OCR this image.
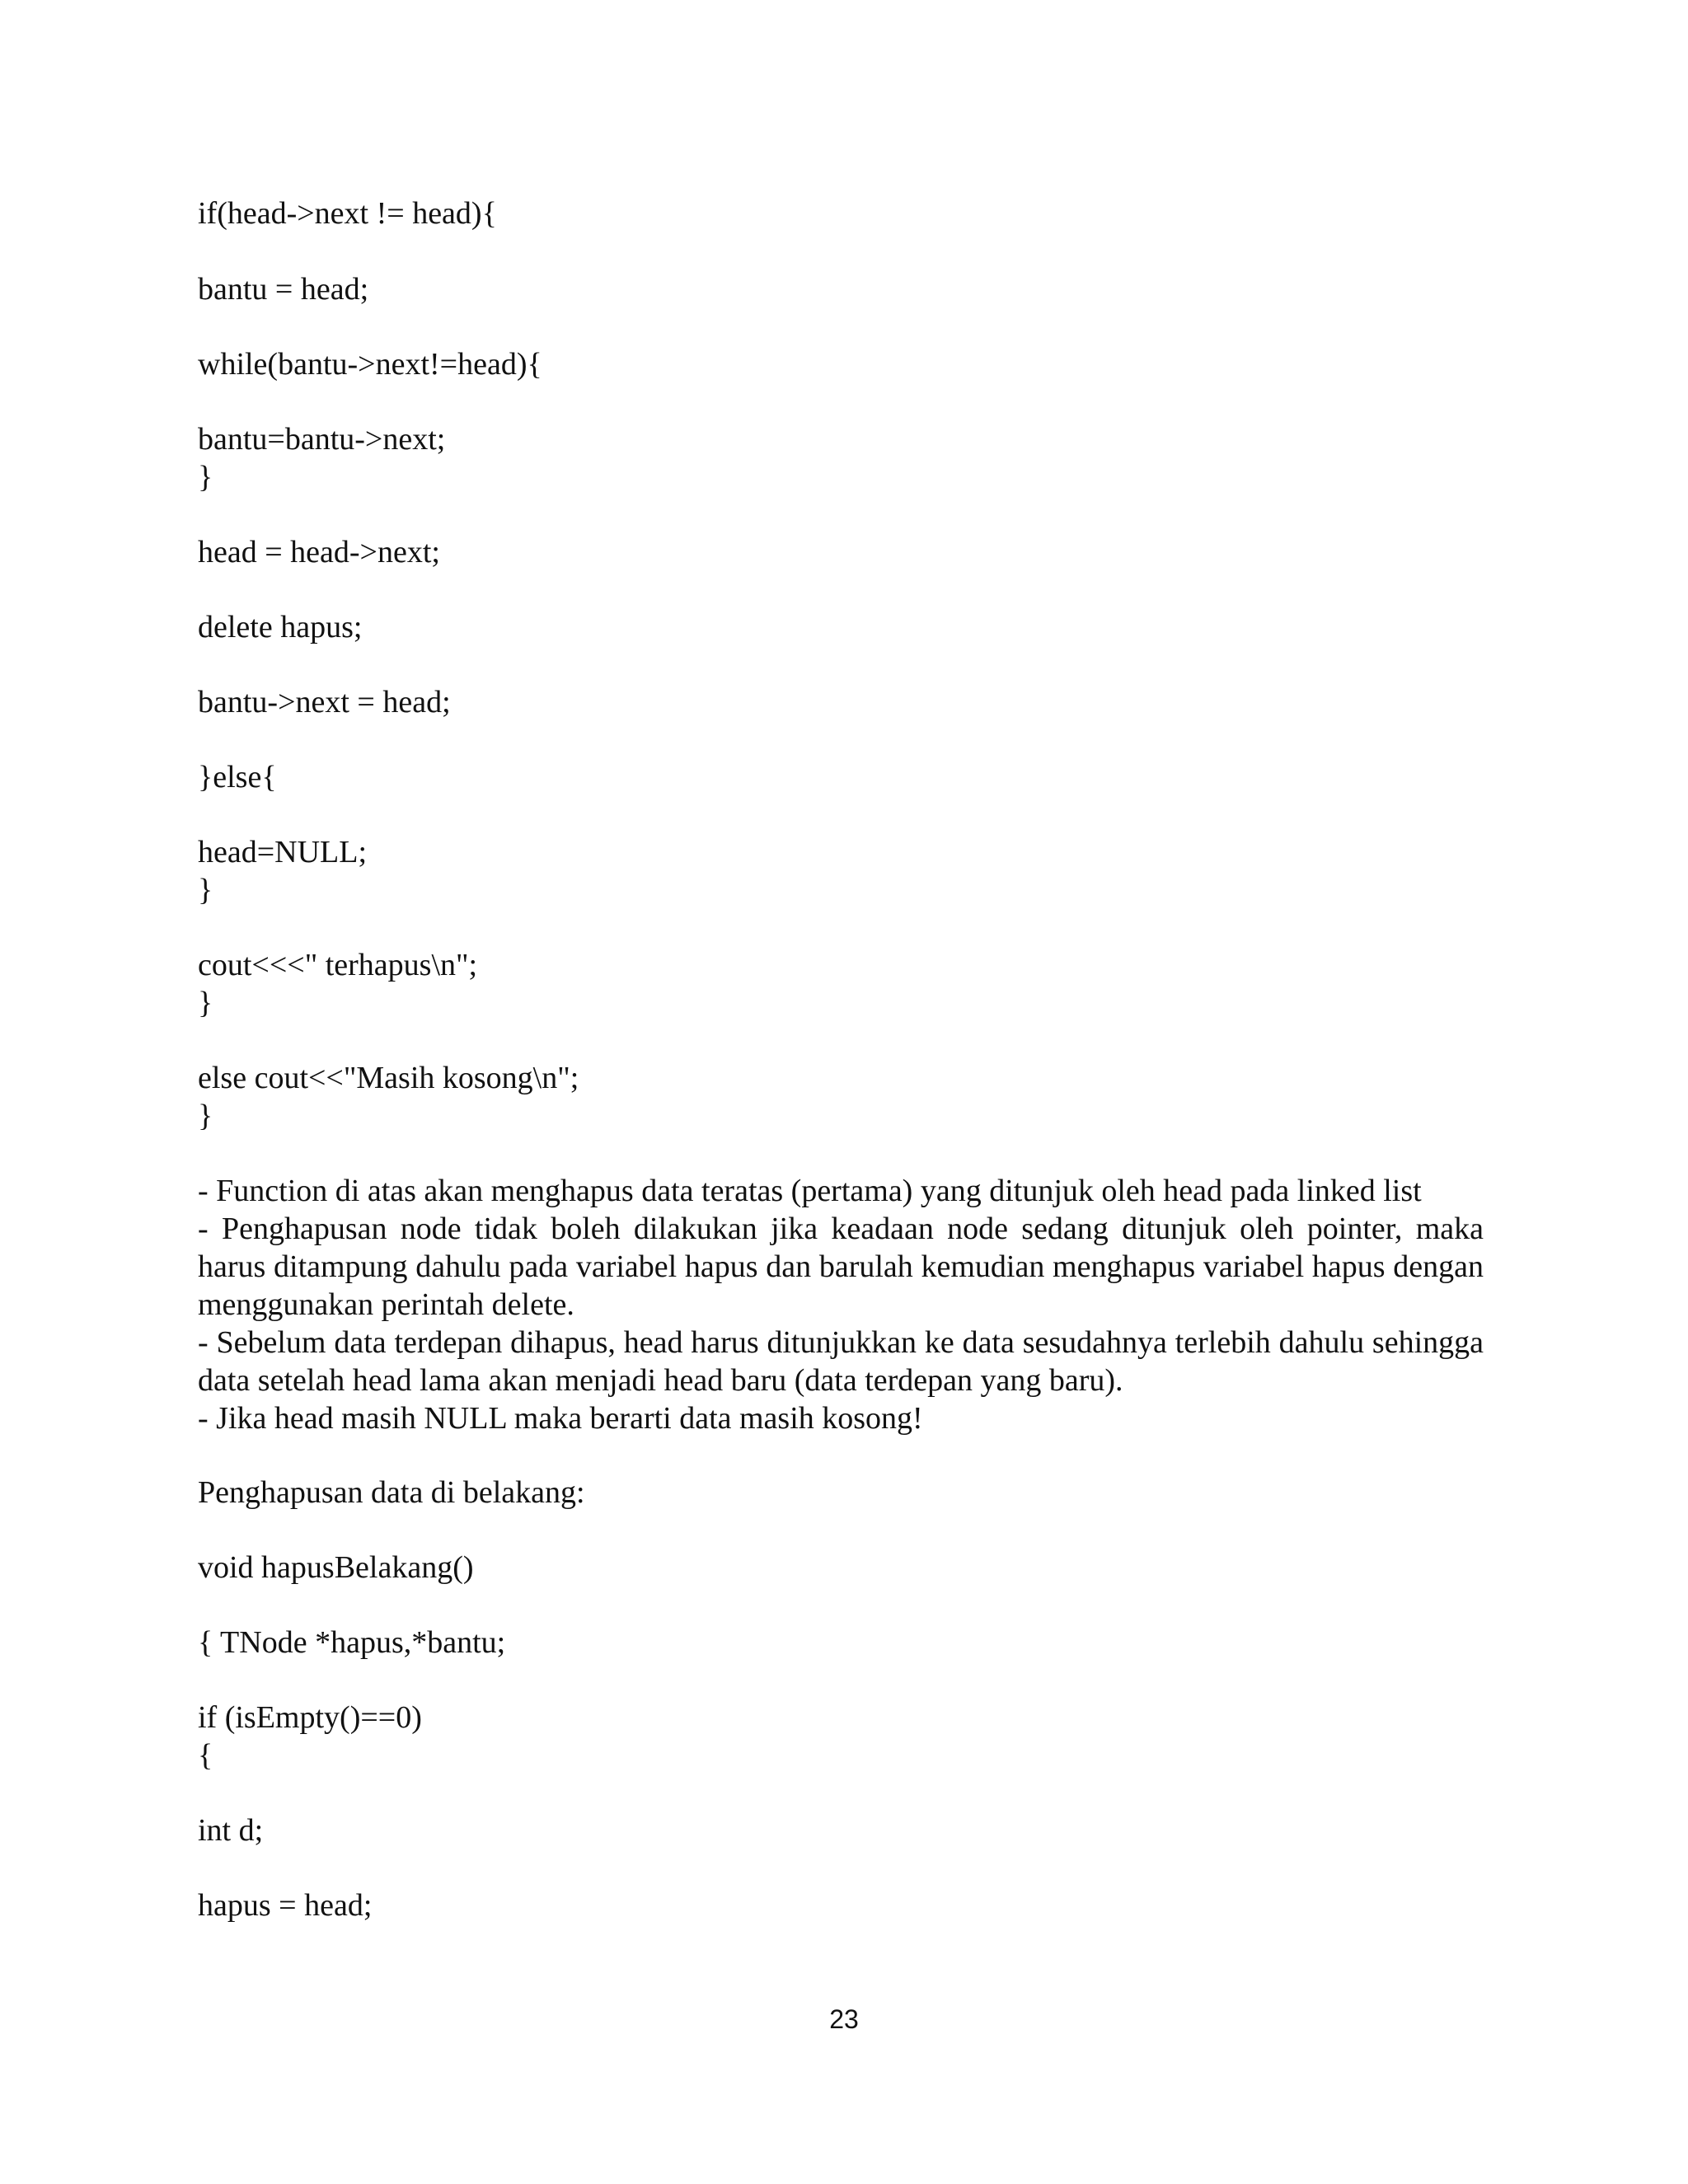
if(head->next != head){
bantu = head;
while(bantu->next!=head){
bantu=bantu->next;
}
head = head->next;
delete hapus;
bantu->next = head;
}else{
head=NULL;
}
cout<<<" terhapus\n";
}
else cout<<"Masih kosong\n";
}
- Function di atas akan menghapus data teratas (pertama) yang ditunjuk oleh head pada linked list
- Penghapusan node tidak boleh dilakukan jika keadaan node sedang ditunjuk oleh pointer, maka harus ditampung dahulu pada variabel hapus dan barulah kemudian menghapus variabel hapus dengan menggunakan perintah delete.
- Sebelum data terdepan dihapus, head harus ditunjukkan ke data sesudahnya terlebih dahulu sehingga data setelah head lama akan menjadi head baru (data terdepan yang baru).
- Jika head masih NULL maka berarti data masih kosong!
Penghapusan data di belakang:
void hapusBelakang()
{ TNode *hapus,*bantu;
if (isEmpty()==0)
{
int d;
hapus = head;
23
